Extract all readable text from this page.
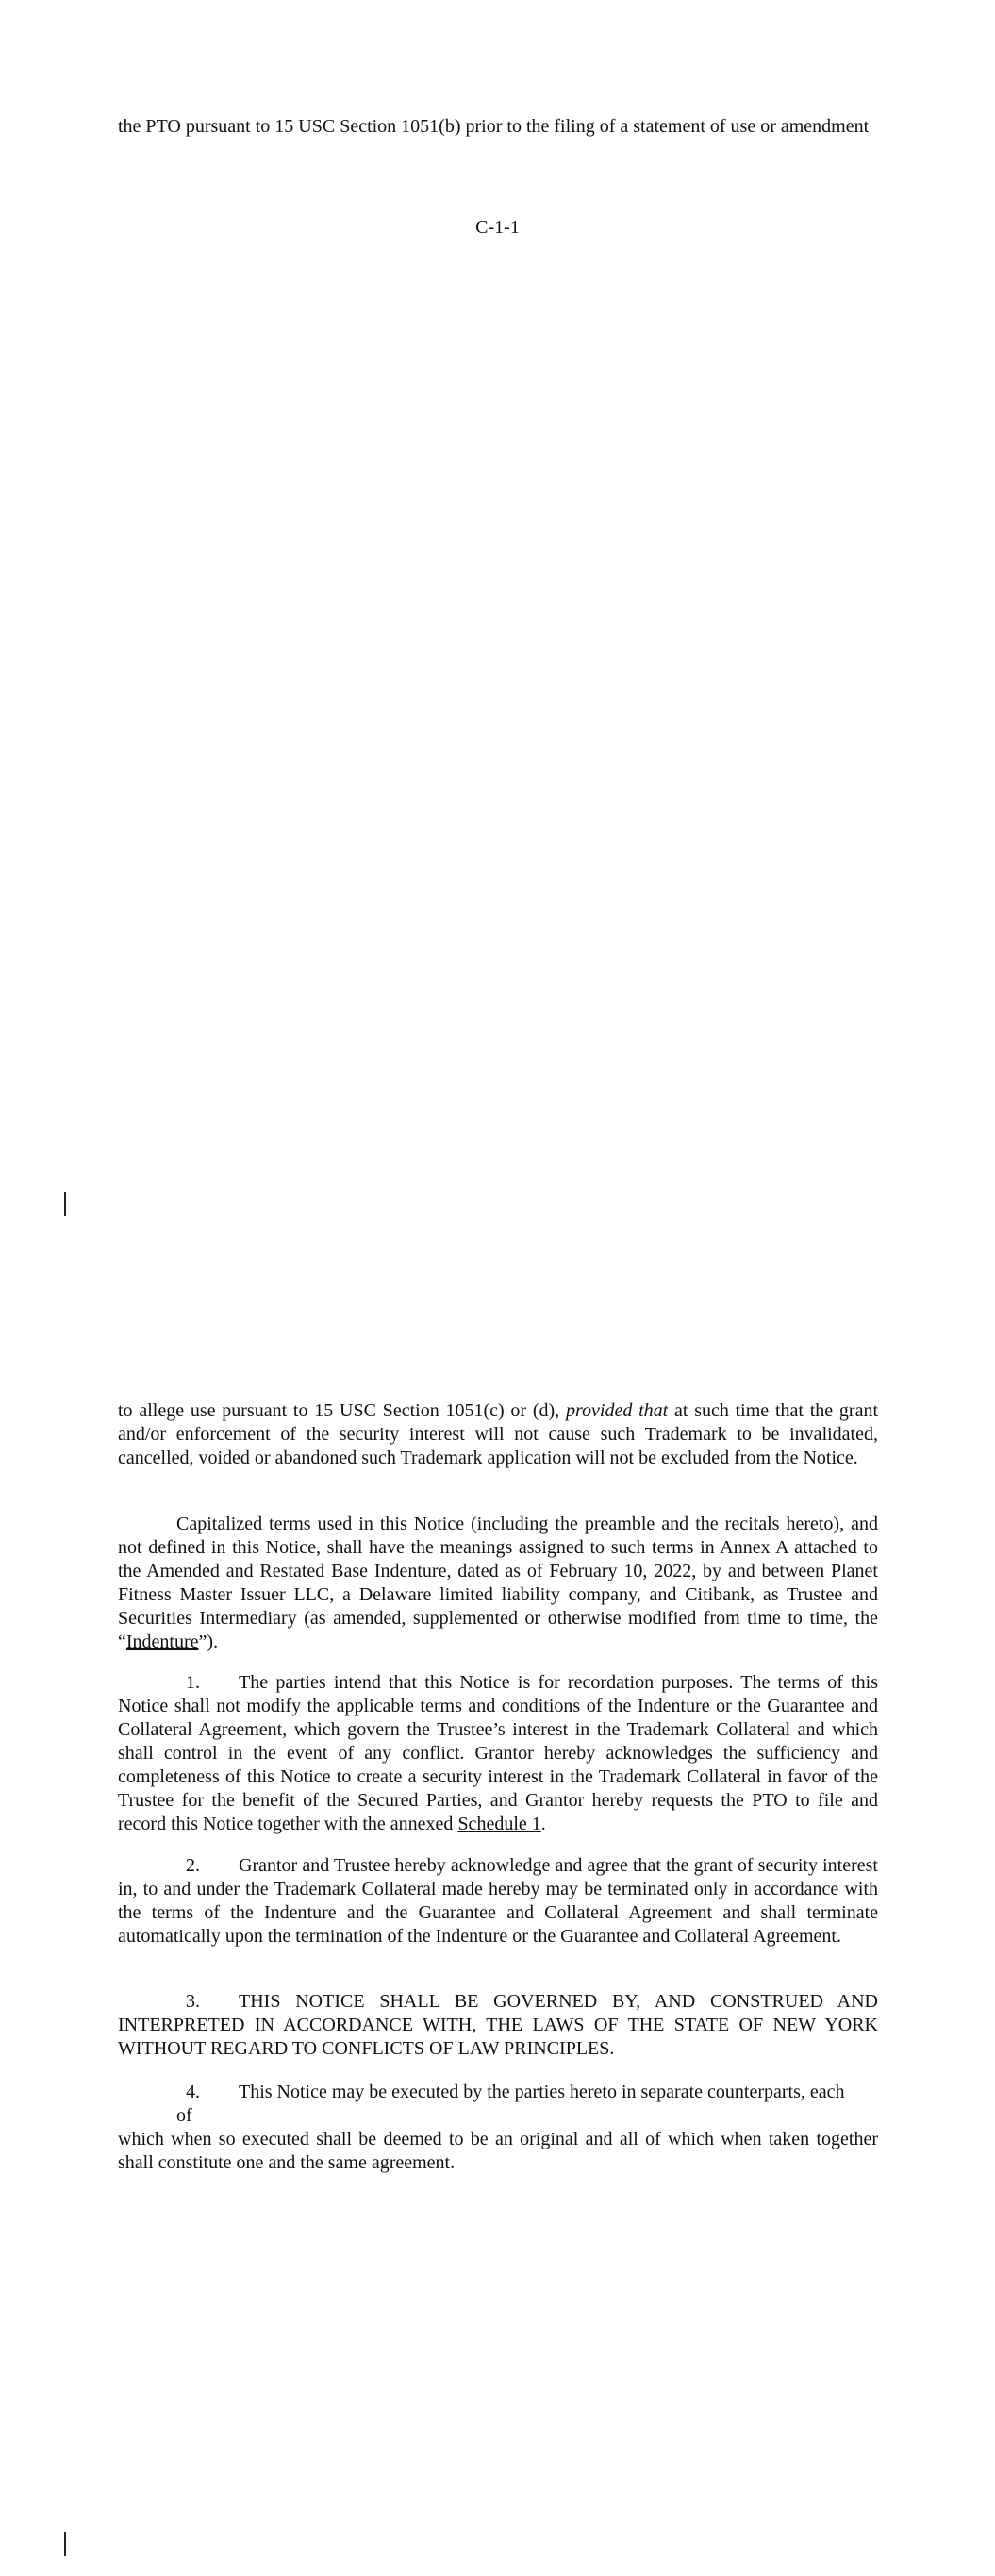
the PTO pursuant to 15 USC Section 1051(b) prior to the filing of a statement of use or amendment

C-1-1

to allege use pursuant to 15 USC Section 1051(c) or (d), provided that at such time that the grant and/or enforcement of the security interest will not cause such Trademark to be invalidated, cancelled, voided or abandoned such Trademark application will not be excluded from the Notice.

Capitalized terms used in this Notice (including the preamble and the recitals hereto), and not defined in this Notice, shall have the meanings assigned to such terms in Annex A attached to the Amended and Restated Base Indenture, dated as of February 10, 2022, by and between Planet Fitness Master Issuer LLC, a Delaware limited liability company, and Citibank, as Trustee and Securities Intermediary (as amended, supplemented or otherwise modified from time to time, the “Indenture”).

1. The parties intend that this Notice is for recordation purposes. The terms of this Notice shall not modify the applicable terms and conditions of the Indenture or the Guarantee and Collateral Agreement, which govern the Trustee’s interest in the Trademark Collateral and which shall control in the event of any conflict. Grantor hereby acknowledges the sufficiency and completeness of this Notice to create a security interest in the Trademark Collateral in favor of the Trustee for the benefit of the Secured Parties, and Grantor hereby requests the PTO to file and record this Notice together with the annexed Schedule 1.

2. Grantor and Trustee hereby acknowledge and agree that the grant of security interest in, to and under the Trademark Collateral made hereby may be terminated only in accordance with the terms of the Indenture and the Guarantee and Collateral Agreement and shall terminate automatically upon the termination of the Indenture or the Guarantee and Collateral Agreement.

3. THIS NOTICE SHALL BE GOVERNED BY, AND CONSTRUED AND INTERPRETED IN ACCORDANCE WITH, THE LAWS OF THE STATE OF NEW YORK WITHOUT REGARD TO CONFLICTS OF LAW PRINCIPLES.

4. This Notice may be executed by the parties hereto in separate counterparts, each
of
which when so executed shall be deemed to be an original and all of which when taken together shall constitute one and the same agreement.
